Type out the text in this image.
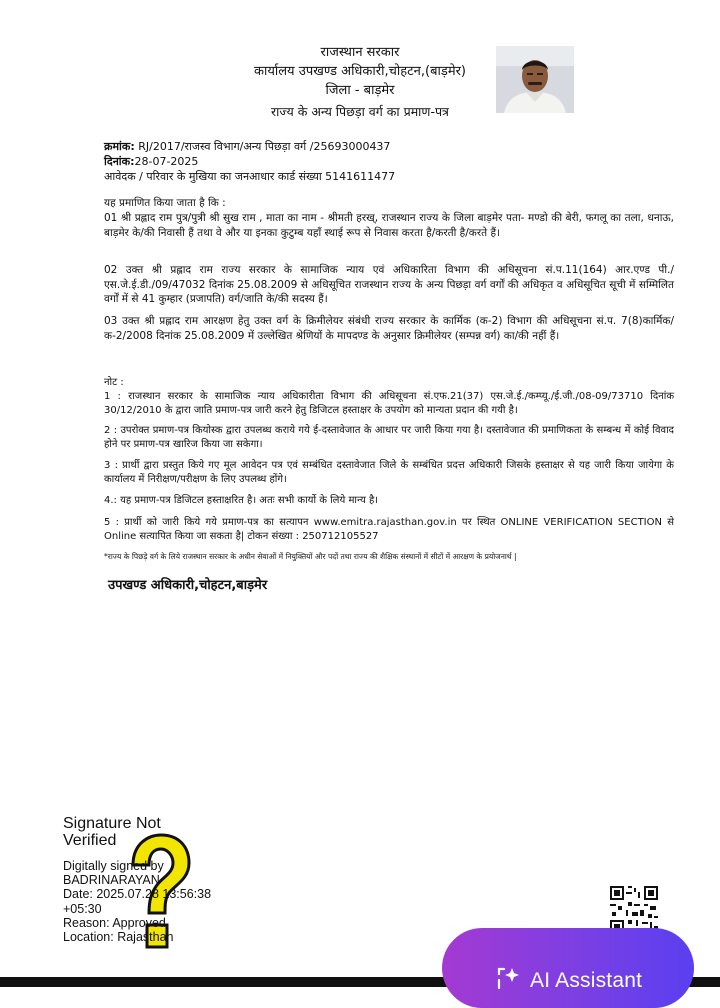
राजस्थान सरकार
कार्यालय उपखण्ड अधिकारी,चोहटन,(बाड़मेर)
जिला - बाड़मेर
राज्य के अन्य पिछड़ा वर्ग का प्रमाण-पत्र
क्रमांक: RJ/2017/राजस्व विभाग/अन्य पिछड़ा वर्ग /25693000437
दिनांक:28-07-2025
आवेदक / परिवार के मुखिया का जनआधार कार्ड संख्या 5141611477
यह प्रमाणित किया जाता है कि :
01 श्री प्रह्लाद राम पुत्र/पुत्री श्री सुख राम , माता का नाम - श्रीमती हरख्, राजस्थान राज्य के जिला बाड़मेर पता- मण्डो की बेरी, फगलू का तला, धनाऊ, बाड़मेर के/की निवासी हैं तथा वे और या इनका कुटुम्ब यहाँ स्थाई रूप से निवास करता है/करती है/करते हैं।
02 उक्त श्री प्रह्लाद राम राज्य सरकार के सामाजिक न्याय एवं अधिकारिता विभाग की अधिसूचना सं.प.11(164) आर.एण्ड पी./एस.जे.ई.डी./09/47032 दिनांक 25.08.2009 से अधिसूचित राजस्थान राज्य के अन्य पिछड़ा वर्ग वर्गों की अधिकृत व अधिसूचित सूची में सम्मिलित वर्गों में से 41 कुम्हार (प्रजापति) वर्ग/जाति के/की सदस्य हैं।
03 उक्त श्री प्रह्लाद राम आरक्षण हेतु उक्त वर्ग के क्रिमीलेयर संबंधी राज्य सरकार के कार्मिक (क-2) विभाग की अधिसूचना सं.प. 7(8)कार्मिक/क-2/2008 दिनांक 25.08.2009 में उल्लेखित श्रेणियों के मापदण्ड के अनुसार क्रिमीलेयर (सम्पन्न वर्ग) का/की नहीं हैं।
नोट :
1 : राजस्थान सरकार के सामाजिक न्याय अधिकारीता विभाग की अधिसूचना सं.एफ.21(37) एस.जे.ई./कम्प्यू./ई.जी./08-09/73710 दिनांक 30/12/2010 के द्वारा जाति प्रमाण-पत्र जारी करने हेतु डिजिटल हस्ताक्षर के उपयोग को मान्यता प्रदान की गयी है।
2 : उपरोक्त प्रमाण-पत्र कियोस्क द्वारा उपलब्ध कराये गये ई-दस्तावेजात के आधार पर जारी किया गया है। दस्तावेजात की प्रमाणिकता के सम्बन्ध में कोई विवाद होने पर प्रमाण-पत्र खारिज किया जा सकेगा।
3 : प्रार्थी द्वारा प्रस्तुत किये गए मूल आवेदन पत्र एवं सम्बंधित दस्तावेजात जिले के सम्बंधित प्रदत्त अधिकारी जिसके हस्ताक्षर से यह जारी किया जायेगा के कार्यालय में निरीक्षण/परीक्षण के लिए उपलब्ध होंगे।
4.: यह प्रमाण-पत्र डिजिटल हस्ताक्षरित है। अतः सभी कार्यो के लिये मान्य है।
5 : प्रार्थी को जारी किये गये प्रमाण-पत्र का सत्यापन www.emitra.rajasthan.gov.in पर स्थित ONLINE VERIFICATION SECTION से Online सत्यापित किया जा सकता है| टोकन संख्या : 250712105527
*राज्य के पिछड़े वर्ग के लिये राजस्थान सरकार के अधीन सेवाओं में नियुक्तियों और पदों तथा राज्य की शैक्षिक संस्थानों में सीटों में आरक्षण के प्रयोजनार्थ |
उपखण्ड अधिकारी,चोहटन,बाड़मेर
Signature Not Verified
Digitally signed by
BADRINARAYAN
Date: 2025.07.28 13:56:38
+05:30
Reason: Approved
Location: Rajasthan
AI Assistant
